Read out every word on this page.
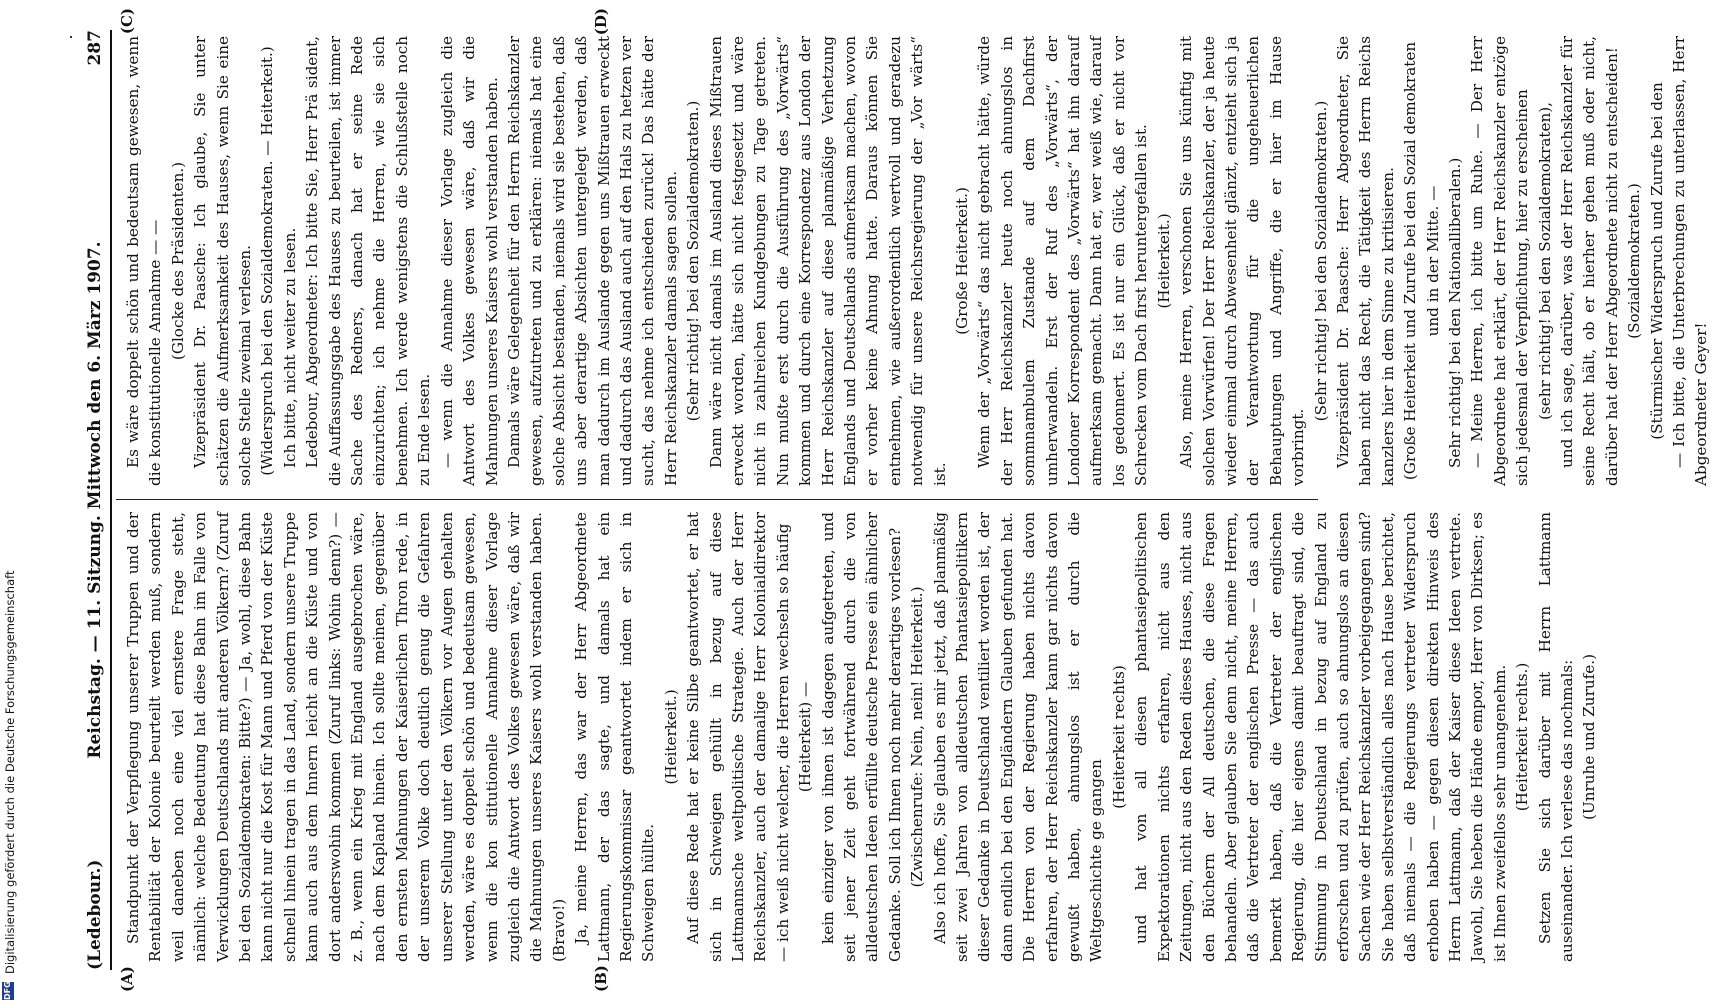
(Ledebour.)
Reichstag. — 11. Sitzung. Mittwoch den 6. März 1907.
287
(A)	(B)
(C)	(D)

Standpunkt der Verpflegung unserer Truppen und der Rentabilität der Kolonie beurteilt werden muß, sondern weil daneben noch eine viel ernstere Frage steht, nämlich: welche Bedeutung hat diese Bahn im Falle von Verwicklungen Deutschlands mit anderen Völkern? (Zuruf bei den Sozialdemokraten: Bitte?) — Ja, wohl, diese Bahn kann nicht nur die Kost für Mann und Pferd von der Küste schnell hinein tragen in das Land, sondern unsere Truppe kann auch aus dem Innern leicht an die Küste und von dort anderswohin kommen (Zuruf links: Wohin denn?) — z. B., wenn ein Krieg mit England ausgebrochen wäre, nach dem Kapland hinein. Ich sollte meinen, gegenüber den ernsten Mahnungen der Kaiserlichen Thron rede, in der unserem Volke doch deutlich genug die Gefahren unserer Stellung unter den Völkern vor Augen gehalten werden, wäre es doppelt schön und bedeutsam gewesen, wenn die kon stitutionelle Annahme dieser Vorlage zugleich die Antwort des Volkes gewesen wäre, daß wir die Mahnungen unseres Kaisers wohl verstanden haben. (Bravo!) Ja, meine Herren, das war der Herr Abgeordnete Lattmann, der das sagte, und damals hat ein Regierungskommissar geantwortet indem er sich in Schweigen hüllte.

(Heiterkeit.) Auf diese Rede hat er keine Silbe geantwortet, er hat sich in Schweigen gehüllt in bezug auf diese Lattmannsche weltpolitische Strategie. Auch der Herr Reichskanzler, auch der damalige Herr Kolonialdirektor — ich weiß nicht welcher, die Herren wechseln so häufig (Heiterkeit) — kein einziger von ihnen ist dagegen aufgetreten, und seit jener Zeit geht fortwährend durch die von alldeutschen Ideen erfüllte deutsche Presse ein ähnlicher Gedanke. Soll ich Ihnen noch mehr derartiges vorlesen? (Zwischenrufe: Nein, nein! Heiterkeit.) Also ich hoffe, Sie glauben es mir jetzt, daß planmäßig seit zwei Jahren von alldeutschen Phantasiepolitikern dieser Gedanke in Deutschland ventiliert worden ist, der dann endlich bei den Engländern Glauben gefunden hat. Die Herren von der Regierung haben nichts davon erfahren, der Herr Reichskanzler kann gar nichts davon gewußt haben, ahnungslos ist er durch die Weltgeschichte ge gangen

(Heiterkeit rechts) und hat von all diesen phantasiepolitischen Expektorationen nichts erfahren, nicht aus den Zeitungen, nicht aus den Reden dieses Hauses, nicht aus den Büchern der All deutschen, die diese Fragen behandeln. Aber glauben Sie denn nicht, meine Herren, daß die Vertreter der englischen Presse — das auch bemerkt haben, daß die Vertreter der englischen Regierung, die hier eigens damit beauftragt sind, die Stimmung in Deutschland in bezug auf England zu erforschen und zu prüfen, auch so ahnungslos an diesen Sachen wie der Herr Reichskanzler vorbeigegangen sind? Sie haben selbstverständlich alles nach Hause berichtet, daß niemals — die Regierungs vertreter Widerspruch erhoben haben — gegen diesen direkten Hinweis des Herrn Lattmann, daß der Kaiser diese Ideen vertrete. Jawohl, Sie heben die Hände empor, Herr von Dirksen; es ist Ihnen zweifellos sehr unangenehm. (Heiterkeit rechts.) Setzen Sie sich darüber mit Herrn Lattmann auseinander. Ich verlese das nochmals: (Unruhe und Zurufe.)

Es wäre doppelt schön und bedeutsam gewesen, wenn die konstitutionelle Annahme — — (Glocke des Präsidenten.) Vizepräsident Dr. Paasche: Ich glaube, Sie unter schätzen die Aufmerksamkeit des Hauses, wenn Sie eine solche Stelle zweimal verlesen. (Widerspruch bei den Sozialdemokraten. — Heiterkeit.) Ich bitte, nicht weiter zu lesen. Ledebour, Abgeordneter: Ich bitte Sie, Herr Prä sident, die Auffassungsgabe des Hauses zu beurteilen, ist immer Sache des Redners, danach hat er seine Rede einzurichten; ich nehme die Herren, wie sie sich benehmen. Ich werde wenigstens die Schlußstelle noch zu Ende lesen. — wenn die Annahme dieser Vorlage zugleich die Antwort des Volkes gewesen wäre, daß wir die Mahnungen unseres Kaisers wohl verstanden haben. Damals wäre Gelegenheit für den Herrn Reichskanzler gewesen, aufzutreten und zu erklären: niemals hat eine solche Absicht bestanden, niemals wird sie bestehen, daß uns aber derartige Absichten untergelegt werden, daß man dadurch im Auslande gegen uns Mißtrauen erweckt und dadurch das Ausland auch auf den Hals zu hetzen ver sucht, das nehme ich entschieden zurück! Das hätte der Herr Reichskanzler damals sagen sollen. (Sehr richtig! bei den Sozialdemokraten.) Dann wäre nicht damals im Ausland dieses Mißtrauen erweckt worden, hätte sich nicht festgesetzt und wäre nicht in zahlreichen Kundgebungen zu Tage getreten. Nun mußte erst durch die Ausführung des „Vorwärts“ kommen und durch eine Korrespondenz aus London der Herr Reichskanzler auf diese planmäßige Verhetzung Englands und Deutschlands aufmerksam machen, wovon er vorher keine Ahnung hatte. Daraus können Sie entnehmen, wie außerordentlich wertvoll und geradezu notwendig für unsere Reichsregierung der „Vor wärts“ ist.

(Große Heiterkeit.) Wenn der „Vorwärts“ das nicht gebracht hätte, würde der Herr Reichskanzler heute noch ahnungslos in sommnambulem Zustande auf dem Dachfirst umherwandeln. Erst der Ruf des „Vorwärts“, der Londoner Korrespondent des „Vorwärts“ hat ihn darauf aufmerksam gemacht. Dann hat er, wer weiß wie, darauf los gedonnert. Es ist nur ein Glück, daß er nicht vor Schrecken vom Dach first heruntergefallen ist. (Heiterkeit.) Also, meine Herren, verschonen Sie uns künftig mit solchen Vorwürfen! Der Herr Reichskanzler, der ja heute wieder einmal durch Abwesenheit glänzt, entzieht sich ja der Verantwortung für die ungeheuerlichen Behauptungen und Angriffe, die er hier im Hause vorbringt.

(Sehr richtig! bei den Sozialdemokraten.) Vizepräsident Dr. Paasche: Herr Abgeordneter, Sie haben nicht das Recht, die Tätigkeit des Herrn Reichs kanzlers hier in dem Sinne zu kritisieren. (Große Heiterkeit und Zurufe bei den Sozial demokraten und in der Mitte. — Sehr richtig! bei den Nationalliberalen.) — Meine Herren, ich bitte um Ruhe. — Der Herr Abgeordnete hat erklärt, der Herr Reichskanzler entzöge sich jedesmal der Verpflichtung, hier zu erscheinen (sehr richtig! bei den Sozialdemokraten), und ich sage, darüber, was der Herr Reichskanzler für seine Recht hält, ob er hierher gehen muß oder nicht, darüber hat der Herr Abgeordnete nicht zu entscheiden! (Sozialdemokraten.) (Stürmischer Widerspruch und Zurufe bei den — Ich bitte, die Unterbrechungen zu unterlassen, Herr Abgeordneter Geyer!

DFG
Digitalisierung gefördert durch die Deutsche Forschungsgemeinschaft
